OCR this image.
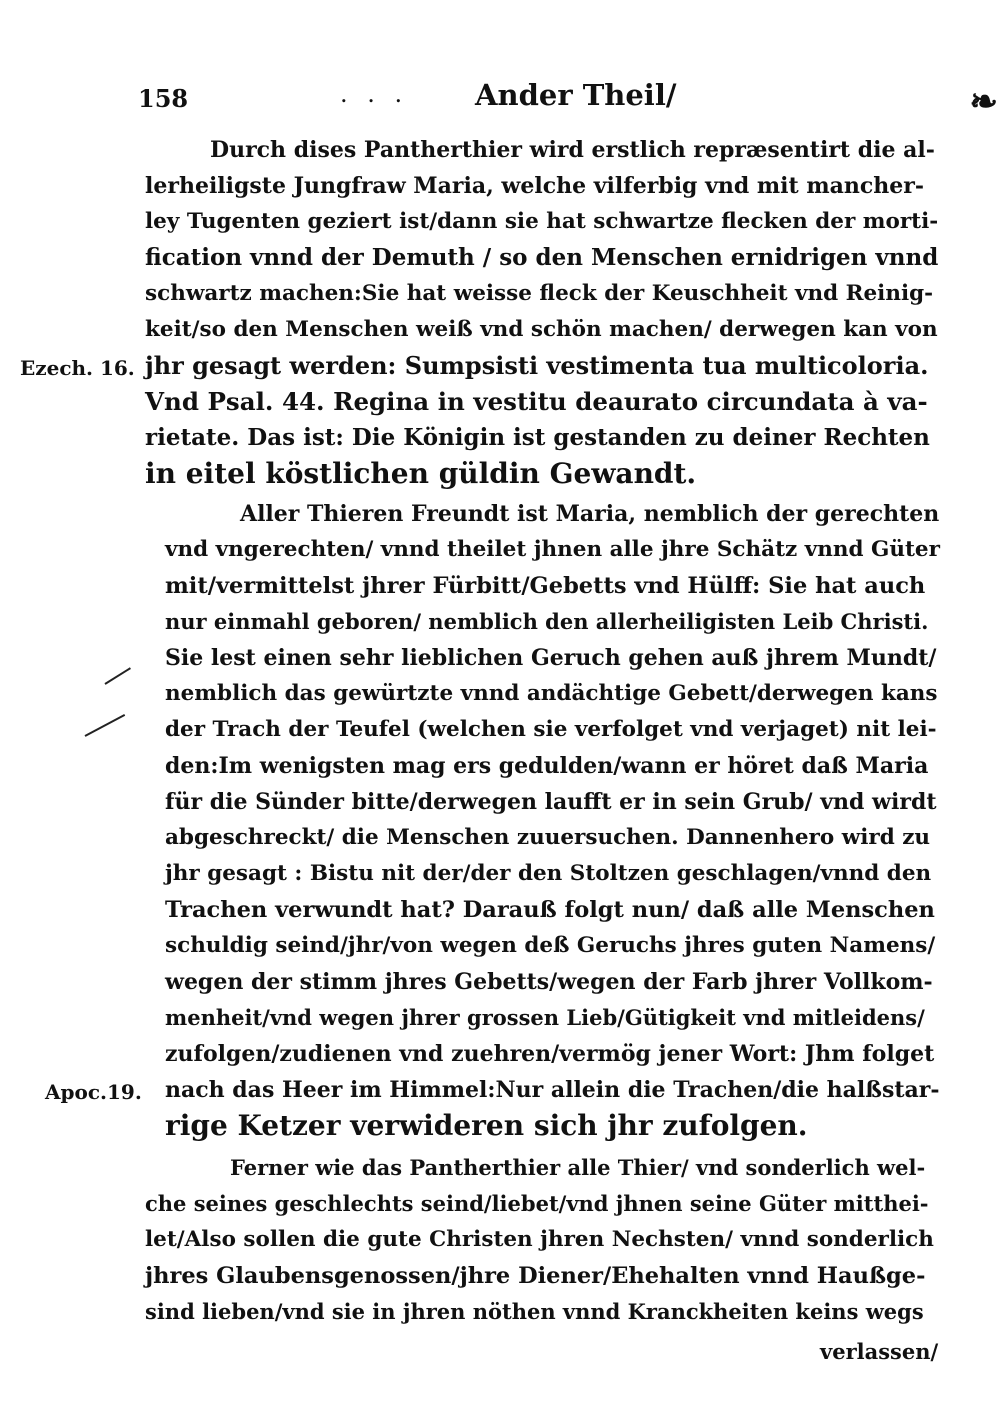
158	. . . Ander Theil/	❧
Ezech. 16.
Apoc.19.
Durch dises Pantherthier wird erstlich repræsentirt die al-
lerheiligste Jungfraw Maria, welche vilferbig vnd mit mancher-
ley Tugenten geziert ist/dann sie hat schwartze flecken der morti-
fication vnnd der Demuth / so den Menschen ernidrigen vnnd
schwartz machen:Sie hat weisse fleck der Keuschheit vnd Reinig-
keit/so den Menschen weiß vnd schön machen/ derwegen kan von
jhr gesagt werden: Sumpsisti vestimenta tua multicoloria.
Vnd Psal. 44. Regina in vestitu deaurato circundata à va-
rietate. Das ist: Die Königin ist gestanden zu deiner Rechten
in eitel köstlichen güldin Gewandt.
Aller Thieren Freundt ist Maria, nemblich der gerechten
vnd vngerechten/ vnnd theilet jhnen alle jhre Schätz vnnd Güter
mit/vermittelst jhrer Fürbitt/Gebetts vnd Hülff: Sie hat auch
nur einmahl geboren/ nemblich den allerheiligisten Leib Christi.
Sie lest einen sehr lieblichen Geruch gehen auß jhrem Mundt/
nemblich das gewürtzte vnnd andächtige Gebett/derwegen kans
der Trach der Teufel (welchen sie verfolget vnd verjaget) nit lei-
den:Im wenigsten mag ers gedulden/wann er höret daß Maria
für die Sünder bitte/derwegen laufft er in sein Grub/ vnd wirdt
abgeschreckt/ die Menschen zuuersuchen. Dannenhero wird zu
jhr gesagt : Bistu nit der/der den Stoltzen geschlagen/vnnd den
Trachen verwundt hat? Darauß folgt nun/ daß alle Menschen
schuldig seind/jhr/von wegen deß Geruchs jhres guten Namens/
wegen der stimm jhres Gebetts/wegen der Farb jhrer Vollkom-
menheit/vnd wegen jhrer grossen Lieb/Gütigkeit vnd mitleidens/
zufolgen/zudienen vnd zuehren/vermög jener Wort: Jhm folget
nach das Heer im Himmel:Nur allein die Trachen/die halßstar-
rige Ketzer verwideren sich jhr zufolgen.
Ferner wie das Pantherthier alle Thier/ vnd sonderlich wel-
che seines geschlechts seind/liebet/vnd jhnen seine Güter mitthei-
let/Also sollen die gute Christen jhren Nechsten/ vnnd sonderlich
jhres Glaubensgenossen/jhre Diener/Ehehalten vnnd Haußge-
sind lieben/vnd sie in jhren nöthen vnnd Kranckheiten keins wegs
verlassen/
